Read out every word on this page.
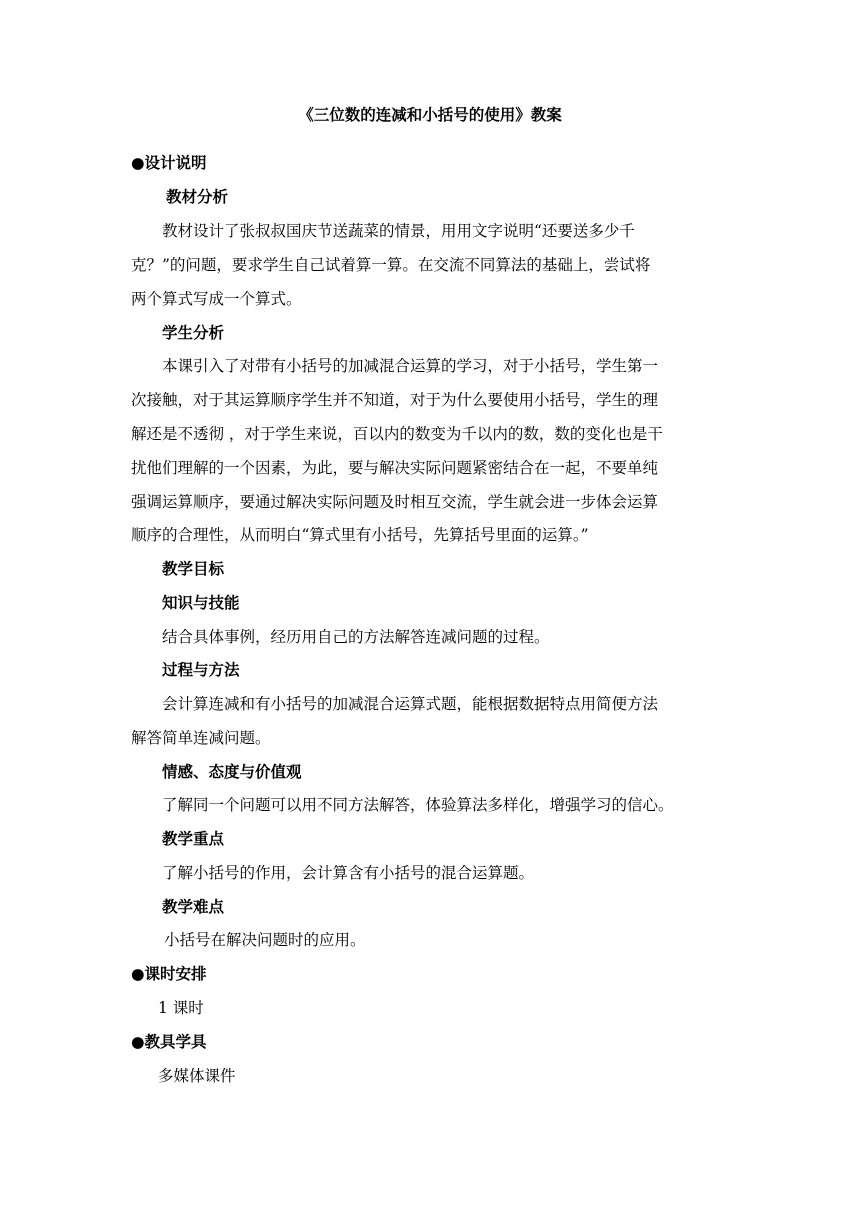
《三位数的连减和小括号的使用》教案
●设计说明
教材分析
教材设计了张叔叔国庆节送蔬菜的情景，用用文字说明“还要送多少千
克？”的问题，要求学生自己试着算一算。在交流不同算法的基础上，尝试将
两个算式写成一个算式。
学生分析
本课引入了对带有小括号的加减混合运算的学习，对于小括号，学生第一
次接触，对于其运算顺序学生并不知道，对于为什么要使用小括号，学生的理
解还是不透彻 ，对于学生来说，百以内的数变为千以内的数，数的变化也是干
扰他们理解的一个因素，为此，要与解决实际问题紧密结合在一起，不要单纯
强调运算顺序，要通过解决实际问题及时相互交流，学生就会进一步体会运算
顺序的合理性，从而明白“算式里有小括号，先算括号里面的运算。”
教学目标
知识与技能
结合具体事例，经历用自己的方法解答连减问题的过程。
过程与方法
会计算连减和有小括号的加减混合运算式题，能根据数据特点用简便方法
解答简单连减问题。
情感、态度与价值观
了解同一个问题可以用不同方法解答，体验算法多样化，增强学习的信心。
教学重点
了解小括号的作用，会计算含有小括号的混合运算题。
教学难点
小括号在解决问题时的应用。
●课时安排
1 课时
●教具学具
多媒体课件
